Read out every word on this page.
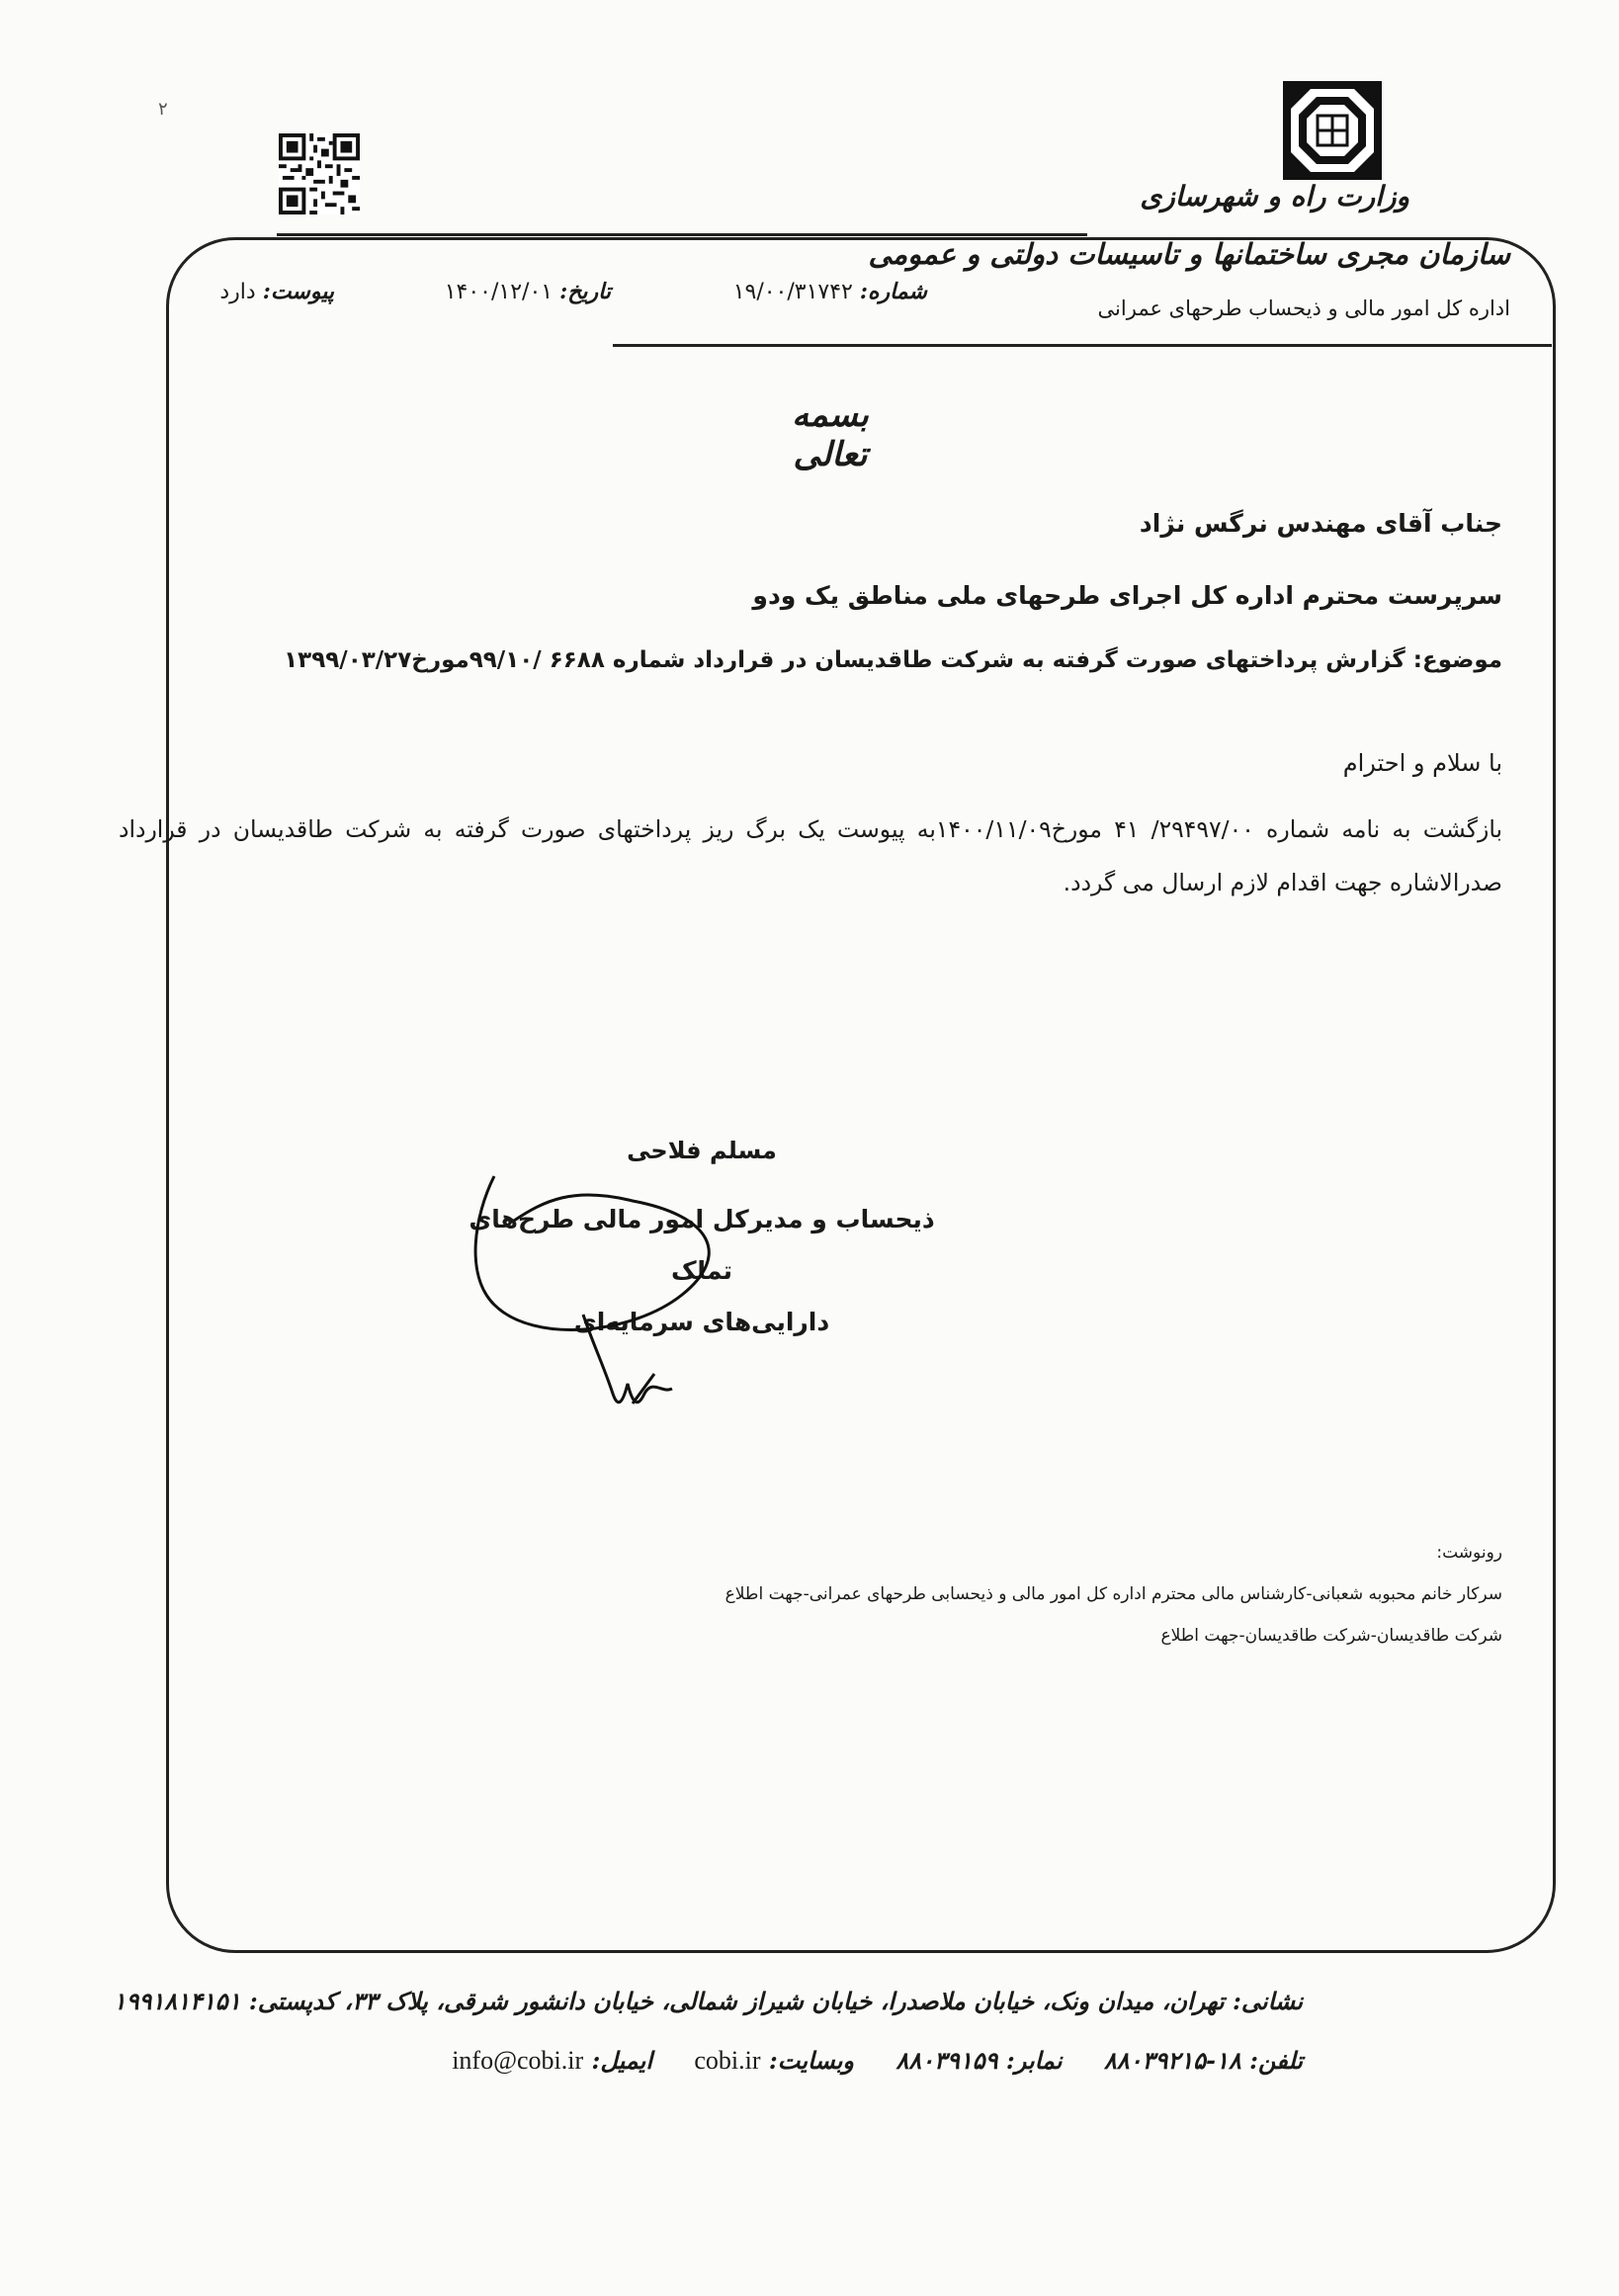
۲
وزارت راه و شهرسازی
سازمان مجری ساختمانها و تاسیسات دولتی و عمومی
اداره کل امور مالی و ذیحساب طرحهای عمرانی
شماره: ۱۹/۰۰/۳۱۷۴۲
تاریخ: ۱۴۰۰/۱۲/۰۱
پیوست: دارد
بسمه تعالی
جناب آقای مهندس نرگس نژاد
سرپرست محترم اداره کل اجرای طرحهای ملی مناطق یک ودو
موضوع: گزارش پرداختهای صورت گرفته به شرکت طاقدیسان در قرارداد شماره ۶۶۸۸ /۹۹/۱۰مورخ۱۳۹۹/۰۳/۲۷
با سلام و احترام
بازگشت به نامه شماره ۲۹۴۹۷/۰۰/ ۴۱ مورخ۱۴۰۰/۱۱/۰۹به پیوست یک برگ ریز پرداختهای صورت گرفته به شرکت طاقدیسان در قرارداد صدرالاشاره جهت اقدام لازم ارسال می گردد.
مسلم فلاحی
ذیحساب و مدیرکل امور مالی طرح‌های تملک
دارایی‌های سرمایه‌ای
رونوشت:
سرکار خانم محبوبه شعبانی-کارشناس مالی محترم اداره کل امور مالی و ذیحسابی طرحهای عمرانی-جهت اطلاع
شرکت طاقدیسان-شرکت طاقدیسان-جهت اطلاع
نشانی: تهران، میدان ونک، خیابان ملاصدرا، خیابان شیراز شمالی، خیابان دانشور شرقی، پلاک ۳۳، کدپستی: ۱۹۹۱۸۱۴۱۵۱
تلفن: ۱۸-۸۸۰۳۹۲۱۵ نمابر: ۸۸۰۳۹۱۵۹ وبسایت: cobi.ir ایمیل: info@cobi.ir
